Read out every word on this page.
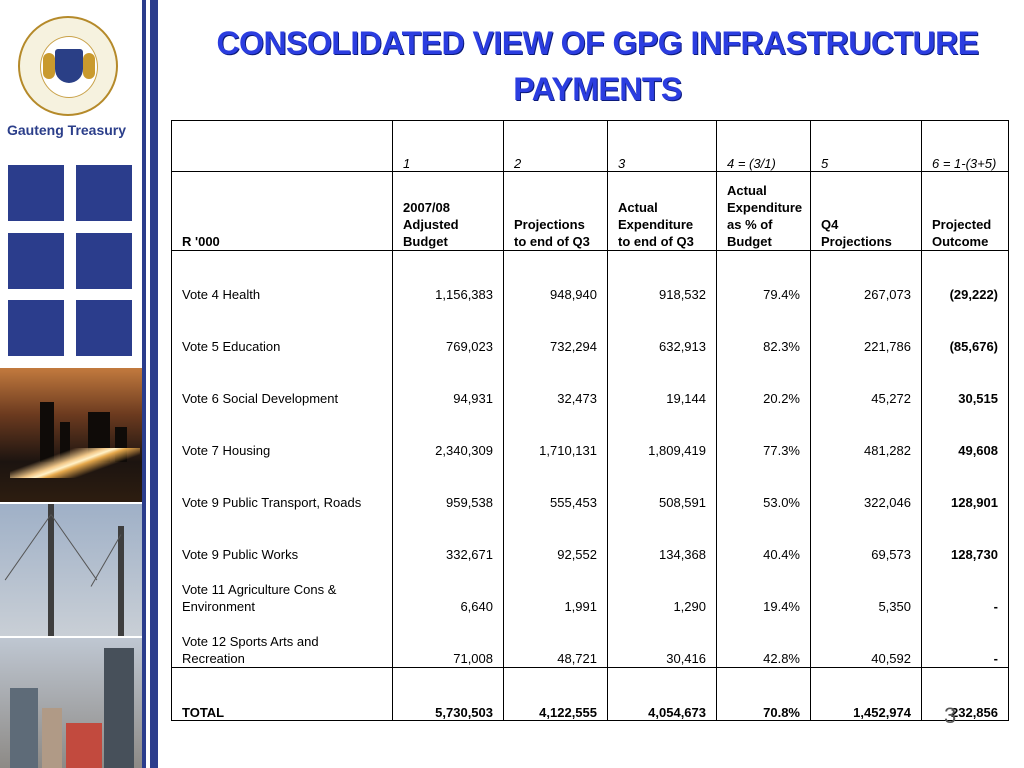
Gauteng Treasury
CONSOLIDATED VIEW OF GPG INFRASTRUCTURE PAYMENTS
	1	2	3	4 = (3/1)	5	6 = 1-(3+5)
R '000	2007/08 Adjusted Budget	Projections to end of Q3	Actual Expenditure to end of Q3	Actual Expenditure as % of Budget	Q4 Projections	Projected Outcome
Vote 4 Health	1,156,383	948,940	918,532	79.4%	267,073	(29,222)
Vote 5 Education	769,023	732,294	632,913	82.3%	221,786	(85,676)
Vote 6 Social Development	94,931	32,473	19,144	20.2%	45,272	30,515
Vote 7 Housing	2,340,309	1,710,131	1,809,419	77.3%	481,282	49,608
Vote 9 Public Transport, Roads	959,538	555,453	508,591	53.0%	322,046	128,901
Vote 9 Public Works	332,671	92,552	134,368	40.4%	69,573	128,730
Vote 11 Agriculture Cons & Environment	6,640	1,991	1,290	19.4%	5,350	-
Vote 12 Sports Arts and Recreation	71,008	48,721	30,416	42.8%	40,592	-
TOTAL	5,730,503	4,122,555	4,054,673	70.8%	1,452,974	232,856
3
